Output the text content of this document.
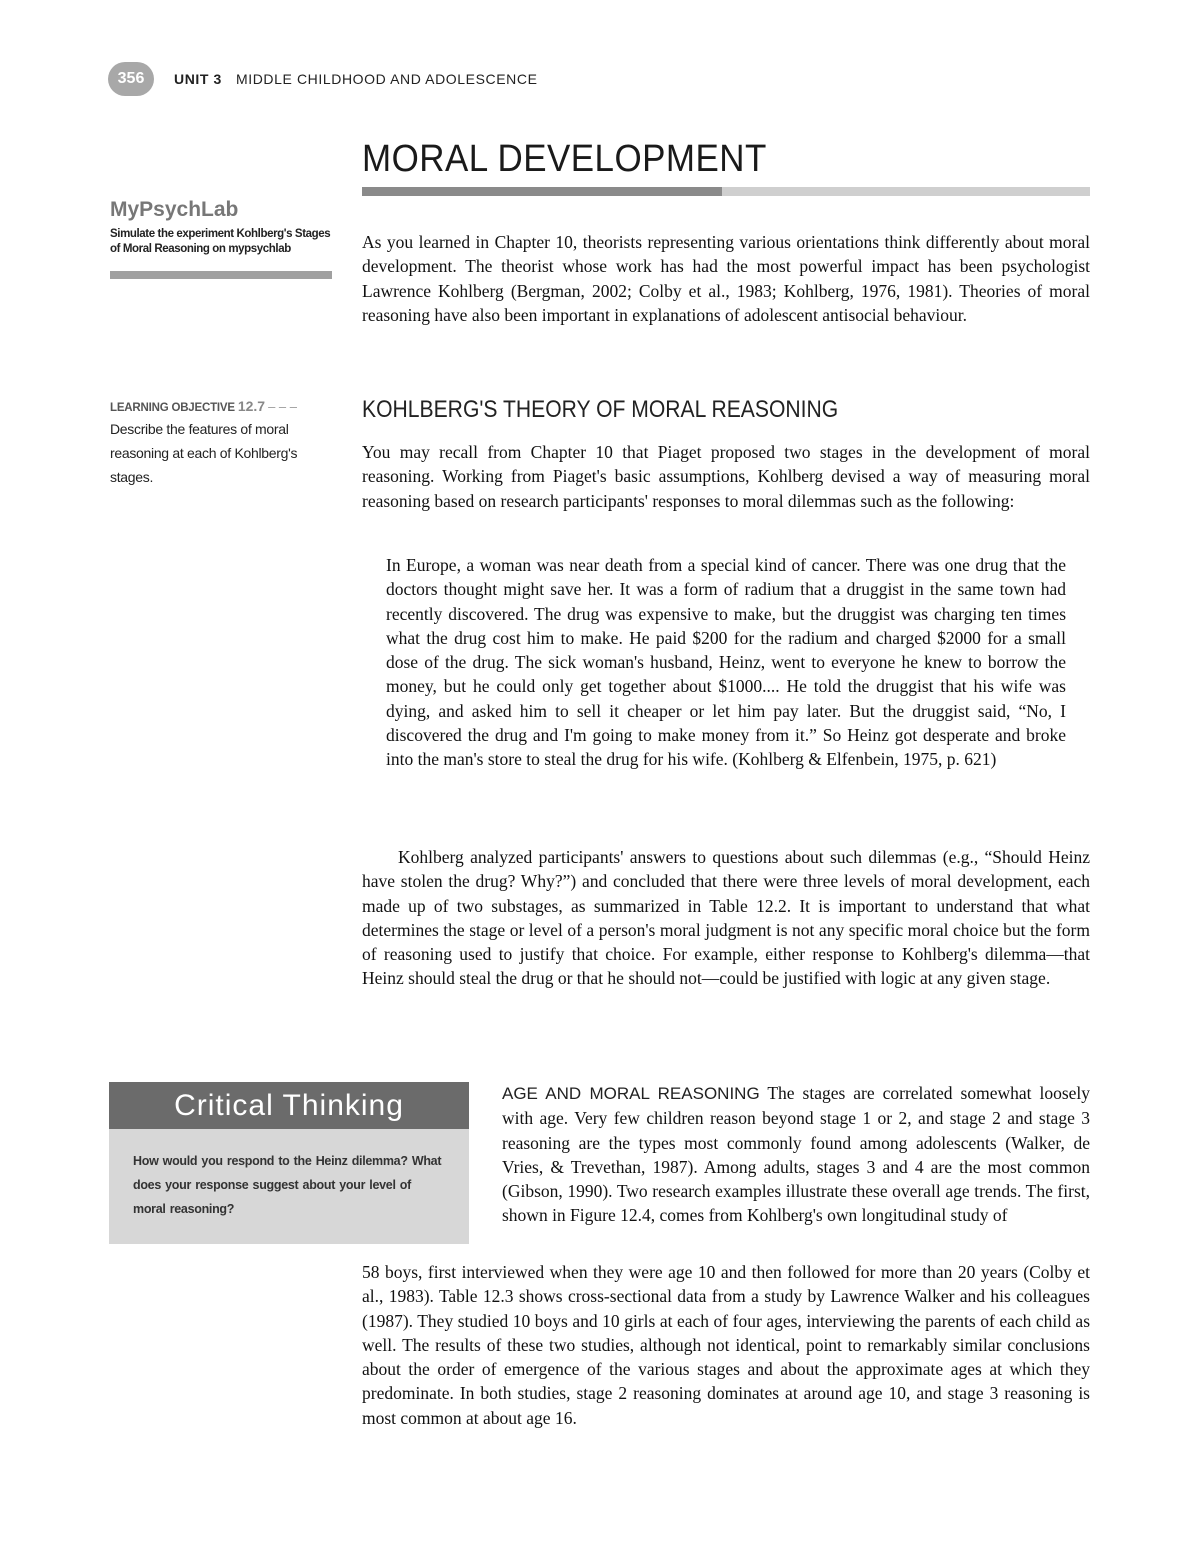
356	UNIT 3 MIDDLE CHILDHOOD AND ADOLESCENCE
MORAL DEVELOPMENT
MyPsychLab
Simulate the experiment Kohlberg's Stages of Moral Reasoning on mypsychlab	As you learned in Chapter 10, theorists representing various orientations think differently about moral development. The theorist whose work has had the most powerful impact has been psychologist Lawrence Kohlberg (Bergman, 2002; Colby et al., 1983; Kohlberg, 1976, 1981). Theories of moral reasoning have also been important in explanations of adolescent antisocial behaviour.

LEARNING OBJECTIVE 12.7 – – –
Describe the features of moral reasoning at each of Kohlberg's stages.
KOHLBERG'S THEORY OF MORAL REASONING

You may recall from Chapter 10 that Piaget proposed two stages in the development of moral reasoning. Working from Piaget's basic assumptions, Kohlberg devised a way of measuring moral reasoning based on research participants' responses to moral dilemmas such as the following:

In Europe, a woman was near death from a special kind of cancer. There was one drug that the doctors thought might save her. It was a form of radium that a druggist in the same town had recently discovered. The drug was expensive to make, but the druggist was charging ten times what the drug cost him to make. He paid $200 for the radium and charged $2000 for a small dose of the drug. The sick woman's husband, Heinz, went to everyone he knew to borrow the money, but he could only get together about $1000.... He told the druggist that his wife was dying, and asked him to sell it cheaper or let him pay later. But the druggist said, “No, I discovered the drug and I'm going to make money from it.” So Heinz got desperate and broke into the man's store to steal the drug for his wife. (Kohlberg & Elfenbein, 1975, p. 621)

Kohlberg analyzed participants' answers to questions about such dilemmas (e.g., “Should Heinz have stolen the drug? Why?”) and concluded that there were three levels of moral development, each made up of two substages, as summarized in Table 12.2. It is important to understand that what determines the stage or level of a person's moral judgment is not any specific moral choice but the form of reasoning used to justify that choice. For example, either response to Kohlberg's dilemma—that Heinz should steal the drug or that he should not—could be justified with logic at any given stage.

Critical Thinking
How would you respond to the Heinz dilemma? What does your response suggest about your level of moral reasoning?

AGE AND MORAL REASONING The stages are correlated somewhat loosely with age. Very few children reason beyond stage 1 or 2, and stage 2 and stage 3 reasoning are the types most commonly found among adolescents (Walker, de Vries, & Trevethan, 1987). Among adults, stages 3 and 4 are the most common (Gibson, 1990). Two research examples illustrate these overall age trends. The first, shown in Figure 12.4, comes from Kohlberg's own longitudinal study of

58 boys, first interviewed when they were age 10 and then followed for more than 20 years (Colby et al., 1983). Table 12.3 shows cross-sectional data from a study by Lawrence Walker and his colleagues (1987). They studied 10 boys and 10 girls at each of four ages, interviewing the parents of each child as well. The results of these two studies, although not identical, point to remarkably similar conclusions about the order of emergence of the various stages and about the approximate ages at which they predominate. In both studies, stage 2 reasoning dominates at around age 10, and stage 3 reasoning is most common at about age 16.
